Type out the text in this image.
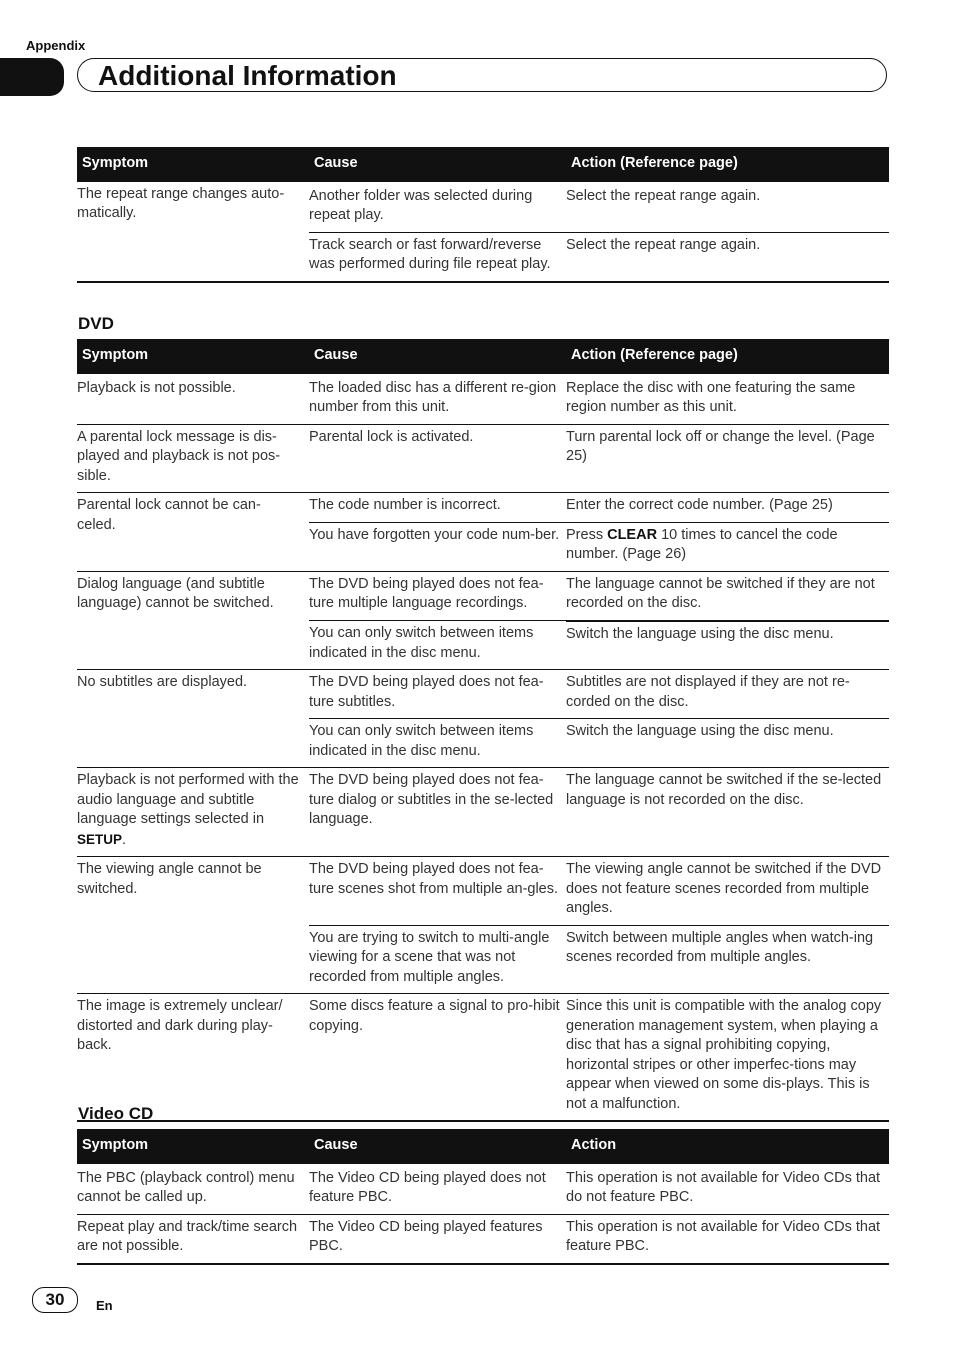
Appendix
Additional Information
Symptom	Cause	Action (Reference page)
The repeat range changes auto-matically.	Another folder was selected during repeat play.	Select the repeat range again.
	Track search or fast forward/reverse was performed during file repeat play.	Select the repeat range again.
DVD
Symptom	Cause	Action (Reference page)
Playback is not possible.	The loaded disc has a different re-gion number from this unit.	Replace the disc with one featuring the same region number as this unit.
A parental lock message is dis-played and playback is not pos-sible.	Parental lock is activated.	Turn parental lock off or change the level. (Page 25)
Parental lock cannot be can-celed.	The code number is incorrect.	Enter the correct code number. (Page 25)
	You have forgotten your code num-ber.	Press CLEAR 10 times to cancel the code number. (Page 26)
Dialog language (and subtitle language) cannot be switched.	The DVD being played does not fea-ture multiple language recordings.	The language cannot be switched if they are not recorded on the disc.
	You can only switch between items indicated in the disc menu.	Switch the language using the disc menu.
No subtitles are displayed.	The DVD being played does not fea-ture subtitles.	Subtitles are not displayed if they are not re-corded on the disc.
	You can only switch between items indicated in the disc menu.	Switch the language using the disc menu.
Playback is not performed with the audio language and subtitle language settings selected in SETUP.	The DVD being played does not fea-ture dialog or subtitles in the se-lected language.	The language cannot be switched if the se-lected language is not recorded on the disc.
The viewing angle cannot be switched.	The DVD being played does not fea-ture scenes shot from multiple an-gles.	The viewing angle cannot be switched if the DVD does not feature scenes recorded from multiple angles.
	You are trying to switch to multi-angle viewing for a scene that was not recorded from multiple angles.	Switch between multiple angles when watch-ing scenes recorded from multiple angles.
The image is extremely unclear/ distorted and dark during play-back.	Some discs feature a signal to pro-hibit copying.	Since this unit is compatible with the analog copy generation management system, when playing a disc that has a signal prohibiting copying, horizontal stripes or other imperfec-tions may appear when viewed on some dis-plays. This is not a malfunction.
Video CD
Symptom	Cause	Action
The PBC (playback control) menu cannot be called up.	The Video CD being played does not feature PBC.	This operation is not available for Video CDs that do not feature PBC.
Repeat play and track/time search are not possible.	The Video CD being played features PBC.	This operation is not available for Video CDs that feature PBC.
30	En
